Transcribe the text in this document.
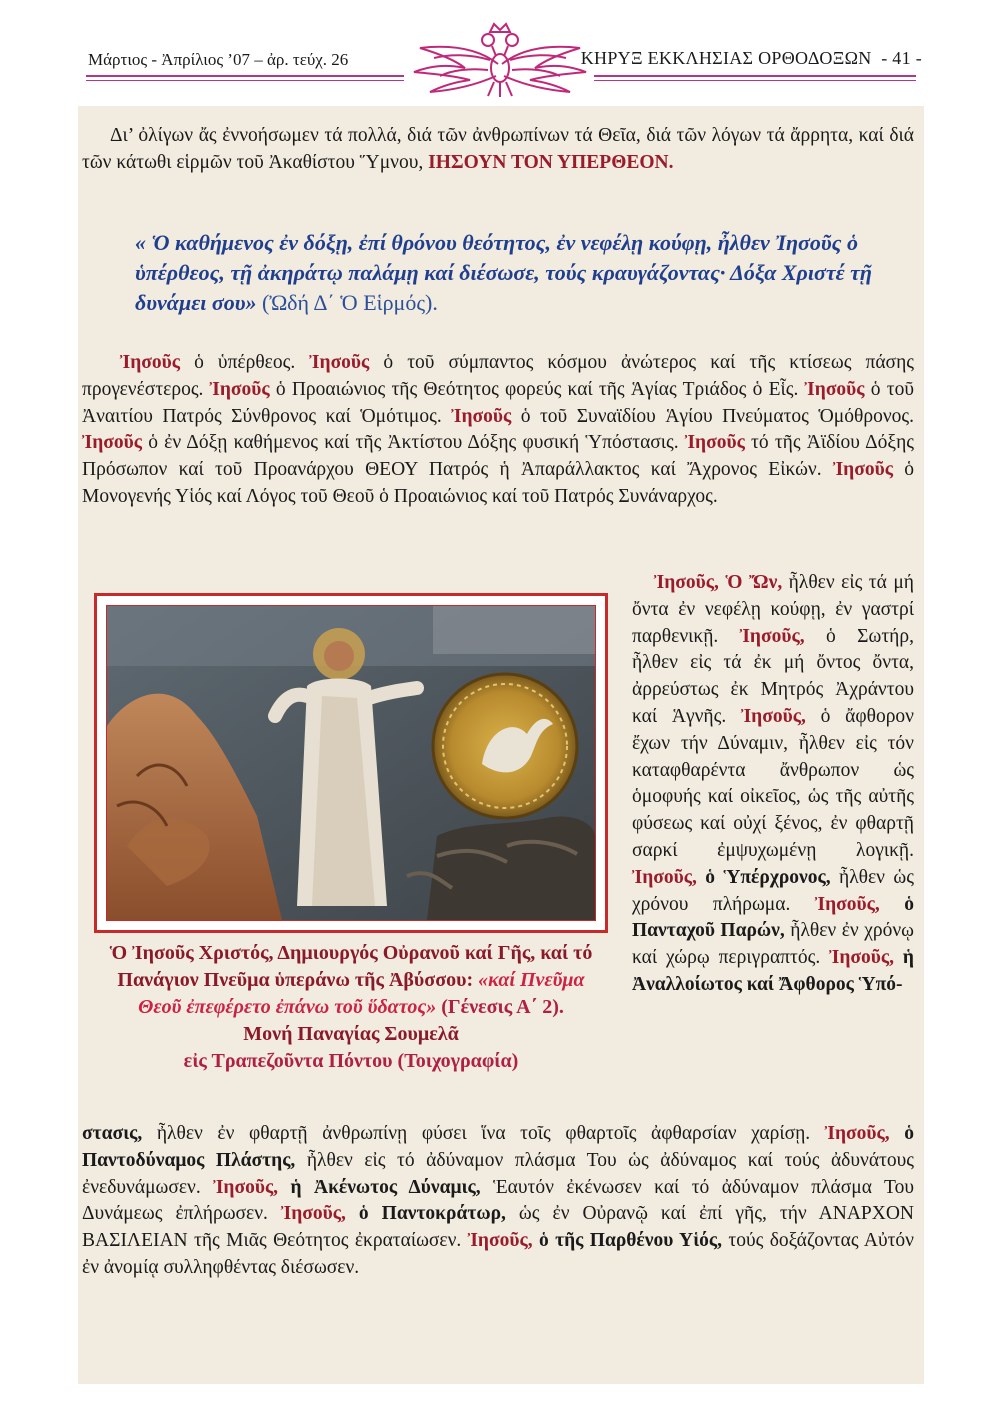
Μάρτιος - Ἀπρίλιος ’07 – ἀρ. τεύχ. 26	ΚΗΡΥΞ ΕΚΚΛΗΣΙΑΣ ΟΡΘΟΔΟΞΩΝ - 41 -

Δι’ ὀλίγων ἄς ἐννοήσωμεν τά πολλά, διά τῶν ἀνθρωπίνων τά Θεῖα, διά τῶν λόγων τά ἄρρητα, καί διά τῶν κάτωθι εἱρμῶν τοῦ Ἀκαθίστου Ὕμνου, ΙΗΣΟΥΝ ΤΟΝ ΥΠΕΡΘΕΟΝ.

« Ὁ καθήμενος ἐν δόξῃ, ἐπί θρόνου θεότητος, ἐν νεφέλῃ κούφῃ, ἦλθεν Ἰησοῦς ὁ ὑπέρθεος, τῇ ἀκηράτῳ παλάμῃ καί διέσωσε, τούς κραυγάζοντας· Δόξα Χριστέ τῇ δυνάμει σου» (Ὠδή Δ΄ Ὁ Εἱρμός).

Ἰησοῦς ὁ ὑπέρθεος. Ἰησοῦς ὁ τοῦ σύμπαντος κόσμου ἀνώτερος καί τῆς κτίσεως πάσης προγενέστερος. Ἰησοῦς ὁ Προαιώνιος τῆς Θεότητος φορεύς καί τῆς Ἁγίας Τριάδος ὁ Εἷς. Ἰησοῦς ὁ τοῦ Ἀναιτίου Πατρός Σύνθρονος καί Ὁμότιμος. Ἰησοῦς ὁ τοῦ Συναϊδίου Ἁγίου Πνεύματος Ὁμόθρονος. Ἰησοῦς ὁ ἐν Δόξῃ καθήμενος καί τῆς Ἀκτίστου Δόξης φυσική Ὑπόστασις. Ἰησοῦς τό τῆς Ἀϊδίου Δόξης Πρόσωπον καί τοῦ Προανάρχου ΘΕΟΥ Πατρός ἡ Ἀπαράλλακτος καί Ἄχρονος Εἰκών. Ἰησοῦς ὁ Μονογενής Υἱός καί Λόγος τοῦ Θεοῦ ὁ Προαιώνιος καί τοῦ Πατρός Συνάναρχος.

Ὁ Ἰησοῦς Χριστός, Δημιουργός Οὐρανοῦ καί Γῆς, καί τό Πανάγιον Πνεῦμα ὑπεράνω τῆς Ἀβύσσου: «καί Πνεῦμα Θεοῦ ἐπεφέρετο ἐπάνω τοῦ ὕδατος» (Γένεσις Α΄ 2).
Μονή Παναγίας Σουμελᾶ
εἰς Τραπεζοῦντα Πόντου (Τοιχογραφία)

Ἰησοῦς, Ὁ Ὤν, ἦλθεν εἰς τά μή ὄντα ἐν νεφέλῃ κούφῃ, ἐν γαστρί παρθενικῇ. Ἰησοῦς, ὁ Σωτήρ, ἦλθεν εἰς τά ἐκ μή ὄντος ὄντα, ἀρρεύστως ἐκ Μητρός Ἀχράντου καί Ἁγνῆς. Ἰησοῦς, ὁ ἄφθορον ἔχων τήν Δύναμιν, ἦλθεν εἰς τόν καταφθαρέντα ἄνθρωπον ὡς ὁμοφυής καί οἰκεῖος, ὡς τῆς αὐτῆς φύσεως καί οὐχί ξένος, ἐν φθαρτῇ σαρκί ἐμψυχωμένῃ λογικῇ. Ἰησοῦς, ὁ Ὑπέρχρονος, ἦλθεν ὡς χρόνου πλήρωμα. Ἰησοῦς, ὁ Πανταχοῦ Παρών, ἦλθεν ἐν χρόνῳ καί χώρῳ περιγραπτός. Ἰησοῦς, ἡ Ἀναλλοίωτος καί Ἄφθορος Ὑπό-

στασις, ἦλθεν ἐν φθαρτῇ ἀνθρωπίνῃ φύσει ἵνα τοῖς φθαρτοῖς ἀφθαρσίαν χαρίσῃ. Ἰησοῦς, ὁ Παντοδύναμος Πλάστης, ἦλθεν εἰς τό ἀδύναμον πλάσμα Του ὡς ἀδύναμος καί τούς ἀδυνάτους ἐνεδυνάμωσεν. Ἰησοῦς, ἡ Ἀκένωτος Δύναμις, Ἑαυτόν ἐκένωσεν καί τό ἀδύναμον πλάσμα Του Δυνάμεως ἐπλήρωσεν. Ἰησοῦς, ὁ Παντοκράτωρ, ὡς ἐν Οὐρανῷ καί ἐπί γῆς, τήν ΑΝΑΡΧΟΝ ΒΑΣΙΛΕΙΑΝ τῆς Μιᾶς Θεότητος ἐκραταίωσεν. Ἰησοῦς, ὁ τῆς Παρθένου Υἱός, τούς δοξάζοντας Αὐτόν ἐν ἀνομίᾳ συλληφθέντας διέσωσεν.
